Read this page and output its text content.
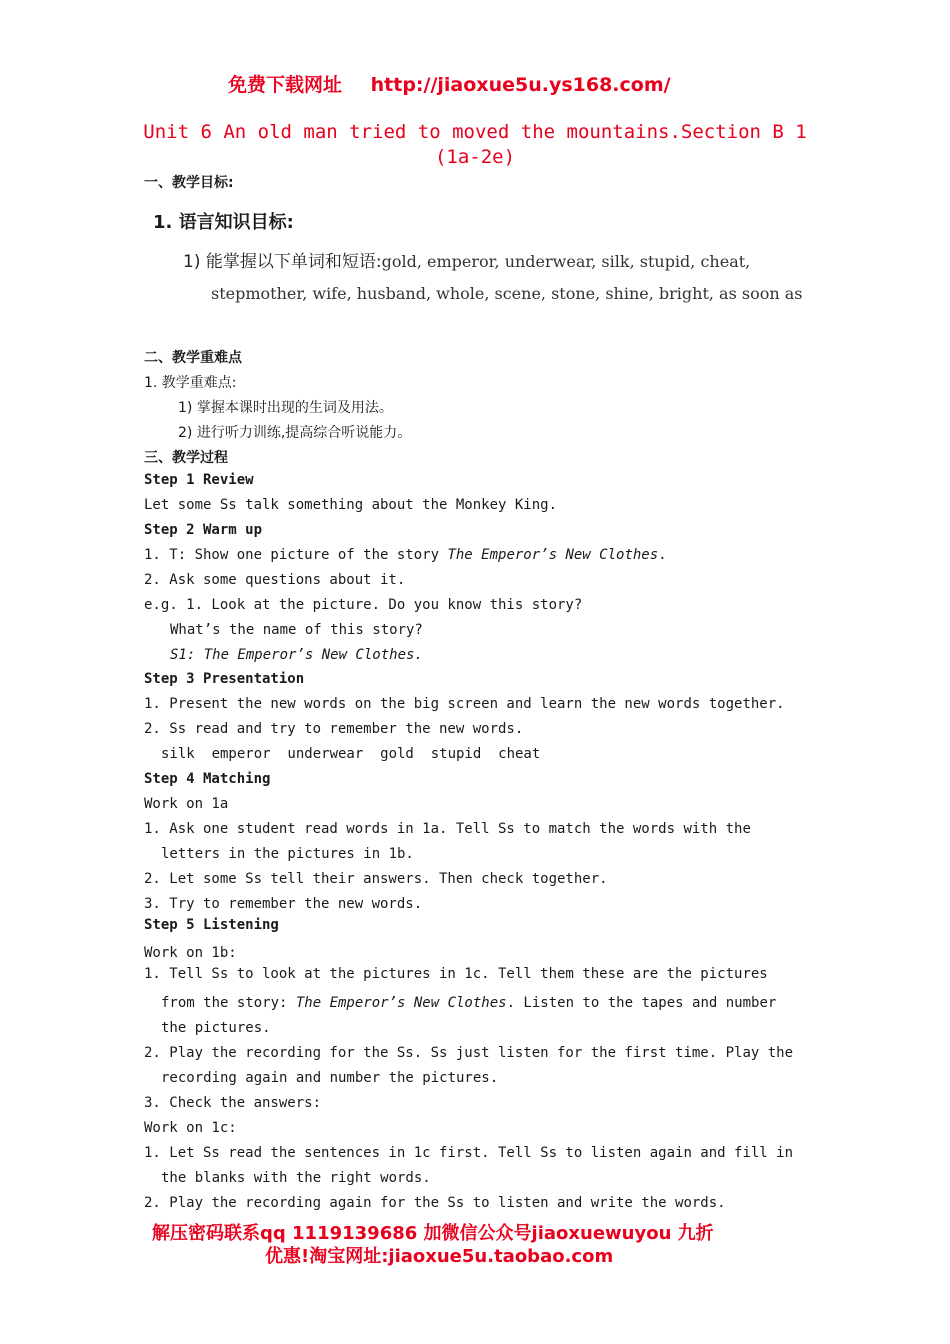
免费下载网址 http://jiaoxue5u.ys168.com/
Unit 6 An old man tried to moved the mountains.Section B 1
(1a-2e)
一、教学目标:
1. 语言知识目标:
1) 能掌握以下单词和短语:gold, emperor, underwear, silk, stupid, cheat,
stepmother, wife, husband, whole, scene, stone, shine, bright, as soon as
二、教学重难点
1. 教学重难点:
1) 掌握本课时出现的生词及用法。
2) 进行听力训练,提高综合听说能力。
三、教学过程
Step 1 Review
Let some Ss talk something about the Monkey King.
Step 2 Warm up
1. T: Show one picture of the story The Emperor’s New Clothes.
2. Ask some questions about it.
e.g. 1. Look at the picture. Do you know this story?
What’s the name of this story?
S1: The Emperor’s New Clothes.
Step 3 Presentation
1. Present the new words on the big screen and learn the new words together.
2. Ss read and try to remember the new words.
silk  emperor  underwear  gold  stupid  cheat
Step 4 Matching
Work on 1a
1. Ask one student read words in 1a. Tell Ss to match the words with the
letters in the pictures in 1b.
2. Let some Ss tell their answers. Then check together.
3. Try to remember the new words.
Step 5 Listening
Work on 1b:
1. Tell Ss to look at the pictures in 1c. Tell them these are the pictures
from the story: The Emperor’s New Clothes. Listen to the tapes and number
the pictures.
2. Play the recording for the Ss. Ss just listen for the first time. Play the
recording again and number the pictures.
3. Check the answers:
Work on 1c:
1. Let Ss read the sentences in 1c first. Tell Ss to listen again and fill in
the blanks with the right words.
2. Play the recording again for the Ss to listen and write the words.
解压密码联系qq 1119139686 加微信公众号jiaoxuewuyou 九折
优惠!淘宝网址:jiaoxue5u.taobao.com
